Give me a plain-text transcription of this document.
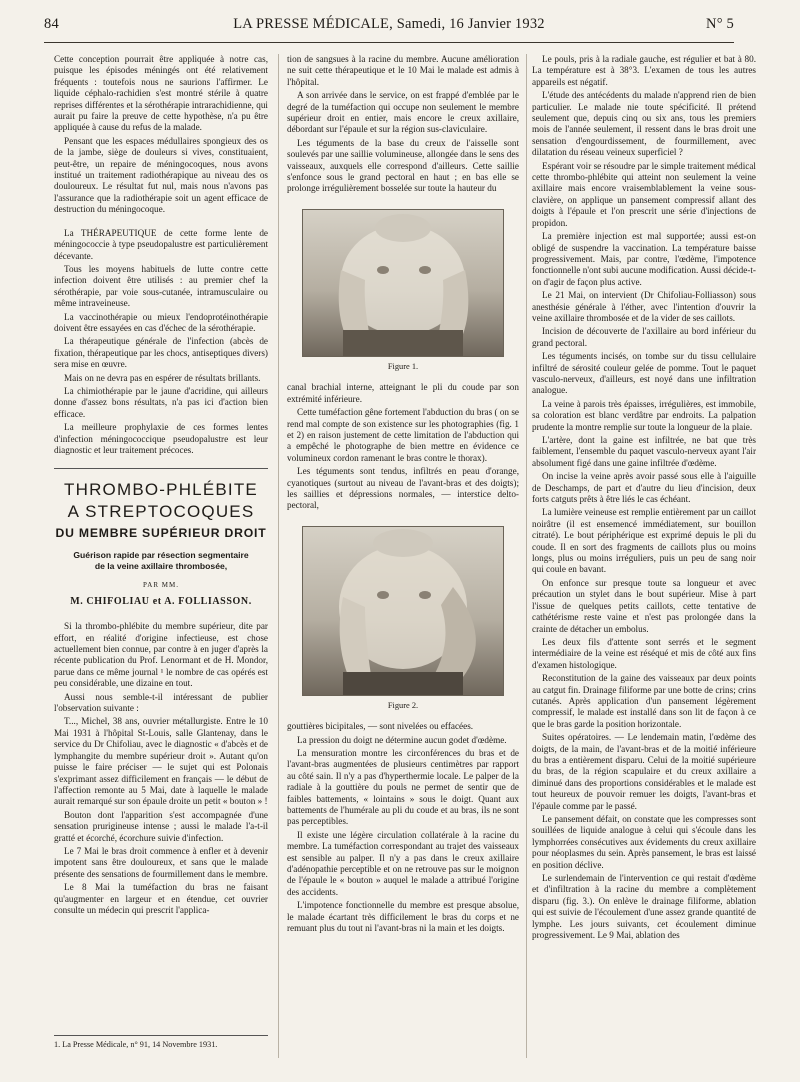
84	LA PRESSE MÉDICALE, Samedi, 16 Janvier 1932	N° 5

Cette conception pourrait être appliquée à notre cas, puisque les épisodes méningés ont été relativement fréquents : toutefois nous ne saurions l'affirmer. Le liquide céphalo-rachidien s'est montré stérile à quatre reprises différentes et la sérothérapie intrarachidienne, qui aurait pu faire la preuve de cette hypothèse, n'a pu être appliquée à cause du refus de la malade.

Pensant que les espaces médullaires spongieux des os de la jambe, siège de douleurs si vives, constituaient, peut-être, un repaire de méningocoques, nous avons institué un traitement radiothérapique au niveau des os douloureux. Le résultat fut nul, mais nous n'avons pas l'assurance que la radiothérapie soit un agent efficace de destruction du méningocoque.

La THÉRAPEUTIQUE de cette forme lente de méningococcie à type pseudopalustre est particulièrement décevante.

Tous les moyens habituels de lutte contre cette infection doivent être utilisés : au premier chef la sérothérapie, par voie sous-cutanée, intramusculaire ou même intraveineuse.

La vaccinothérapie ou mieux l'endoprotéinothérapie doivent être essayées en cas d'échec de la sérothérapie.

La thérapeutique générale de l'infection (abcès de fixation, thérapeutique par les chocs, antiseptiques divers) sera mise en œuvre.

Mais on ne devra pas en espérer de résultats brillants.

La chimiothérapie par le jaune d'acridine, qui ailleurs donne d'assez bons résultats, n'a pas ici d'action bien efficace.

La meilleure prophylaxie de ces formes lentes d'infection méningococcique pseudopalustre est leur diagnostic et leur traitement précoces.

THROMBO-PHLÉBITE
A STREPTOCOQUES
DU MEMBRE SUPÉRIEUR DROIT
Guérison rapide par résection segmentaire
de la veine axillaire thrombosée,
PAR MM.
M. CHIFOLIAU et A. FOLLIASSON.

Si la thrombo-phlébite du membre supérieur, dite par effort, en réalité d'origine infectieuse, est chose actuellement bien connue, par contre à en juger d'après la récente publication du Prof. Lenormant et de H. Mondor, parue dans ce même journal ¹ le nombre de cas opérés est peu considérable, une dizaine en tout.

Aussi nous semble-t-il intéressant de publier l'observation suivante :

T..., Michel, 38 ans, ouvrier métallurgiste. Entre le 10 Mai 1931 à l'hôpital St-Louis, salle Glantenay, dans le service du Dr Chifoliau, avec le diagnostic « d'abcès et de lymphangite du membre supérieur droit ». Autant qu'on puisse le faire préciser — le sujet qui est Polonais s'exprimant assez difficilement en français — le début de l'affection remonte au 5 Mai, date à laquelle le malade aurait remarqué sur son épaule droite un petit « bouton » !

Bouton dont l'apparition s'est accompagnée d'une sensation prurigineuse intense ; aussi le malade l'a-t-il gratté et écorché, écorchure suivie d'infection.

Le 7 Mai le bras droit commence à enfler et à devenir impotent sans être douloureux, et sans que le malade présente des sensations de fourmillement dans le membre.

Le 8 Mai la tuméfaction du bras ne faisant qu'augmenter en largeur et en étendue, cet ouvrier consulte un médecin qui prescrit l'applica-

1. La Presse Médicale, n° 91, 14 Novembre 1931.

tion de sangsues à la racine du membre. Aucune amélioration ne suit cette thérapeutique et le 10 Mai le malade est admis à l'hôpital.

A son arrivée dans le service, on est frappé d'emblée par le degré de la tuméfaction qui occupe non seulement le membre supérieur droit en entier, mais encore le creux axillaire, débordant sur l'épaule et sur la région sus-claviculaire.

Les téguments de la base du creux de l'aisselle sont soulevés par une saillie volumineuse, allongée dans le sens des vaisseaux, auxquels elle correspond d'ailleurs. Cette saillie s'enfonce sous le grand pectoral en haut ; en bas elle se prolonge irrégulièrement bosselée sur toute la hauteur du

Figure 1.

canal brachial interne, atteignant le pli du coude par son extrémité inférieure.

Cette tuméfaction gêne fortement l'abduction du bras ( on se rend mal compte de son existence sur les photographies (fig. 1 et 2) en raison justement de cette limitation de l'abduction qui a empêché le photographe de bien mettre en évidence ce volumineux cordon ramenant le bras contre le thorax).

Les téguments sont tendus, infiltrés en peau d'orange, cyanotiques (surtout au niveau de l'avant-bras et des doigts); les saillies et dépressions normales, — interstice delto-pectoral,

Figure 2.

gouttières bicipitales, — sont nivelées ou effacées.

La pression du doigt ne détermine aucun godet d'œdème.

La mensuration montre les circonférences du bras et de l'avant-bras augmentées de plusieurs centimètres par rapport au côté sain. Il n'y a pas d'hyperthermie locale. Le palper de la radiale à la gouttière du pouls ne permet de sentir que de faibles battements, « lointains » sous le doigt. Quant aux battements de l'humérale au pli du coude et au bras, ils ne sont pas perceptibles.

Il existe une légère circulation collatérale à la racine du membre. La tuméfaction correspondant au trajet des vaisseaux est sensible au palper. Il n'y a pas dans le creux axillaire d'adénopathie perceptible et on ne retrouve pas sur le moignon de l'épaule le « bouton » auquel le malade a attribué l'origine des accidents.

L'impotence fonctionnelle du membre est presque absolue, le malade écartant très difficilement le bras du corps et ne remuant plus du tout ni l'avant-bras ni la main et les doigts.

Le pouls, pris à la radiale gauche, est régulier et bat à 80. La température est à 38°3. L'examen de tous les autres appareils est négatif.

L'étude des antécédents du malade n'apprend rien de bien particulier. Le malade nie toute spécificité. Il prétend seulement que, depuis cinq ou six ans, tous les premiers mois de l'année seulement, il ressent dans le bras droit une sensation d'engourdissement, de fourmillement, avec dilatation du réseau veineux superficiel ?

Espérant voir se résoudre par le simple traitement médical cette thrombo-phlébite qui atteint non seulement la veine axillaire mais encore vraisemblablement la veine sous-clavière, on applique un pansement compressif allant des doigts à l'épaule et l'on prescrit une série d'injections de propidon.

La première injection est mal supportée; aussi est-on obligé de suspendre la vaccination. La température baisse progressivement. Mais, par contre, l'œdème, l'impotence fonctionnelle n'ont subi aucune modification. Aussi décide-t-on d'agir de façon plus active.

Le 21 Mai, on intervient (Dr Chifoliau-Folliasson) sous anesthésie générale à l'éther, avec l'intention d'ouvrir la veine axillaire thrombosée et de la vider de ses caillots.

Incision de découverte de l'axillaire au bord inférieur du grand pectoral.

Les téguments incisés, on tombe sur du tissu cellulaire infiltré de sérosité couleur gelée de pomme. Tout le paquet vasculo-nerveux, d'ailleurs, est noyé dans une infiltration analogue.

La veine à parois très épaisses, irrégulières, est immobile, sa coloration est blanc verdâtre par endroits. La palpation prudente la montre remplie sur toute la longueur de la plaie.

L'artère, dont la gaine est infiltrée, ne bat que très faiblement, l'ensemble du paquet vasculo-nerveux ayant l'air absolument figé dans une gaine infiltrée d'œdème.

On incise la veine après avoir passé sous elle à l'aiguille de Deschamps, de part et d'autre du lieu d'incision, deux forts catguts prêts à être liés le cas échéant.

La lumière veineuse est remplie entièrement par un caillot noirâtre (il est ensemencé immédiatement, sur bouillon citraté). Le bout périphérique est exprimé depuis le pli du coude. Il en sort des fragments de caillots plus ou moins longs, plus ou moins irréguliers, puis un peu de sang noir qui coule en bavant.

On enfonce sur presque toute sa longueur et avec précaution un stylet dans le bout supérieur. Mise à part l'issue de quelques petits caillots, cette tentative de cathétérisme reste vaine et n'est pas prolongée dans la crainte de détacher un embolus.

Les deux fils d'attente sont serrés et le segment intermédiaire de la veine est réséqué et mis de côté aux fins d'examen histologique.

Reconstitution de la gaine des vaisseaux par deux points au catgut fin. Drainage filiforme par une botte de crins; crins cutanés. Après application d'un pansement légèrement compressif, le malade est installé dans son lit de façon à ce que le bras garde la position horizontale.

Suites opératoires. — Le lendemain matin, l'œdème des doigts, de la main, de l'avant-bras et de la moitié inférieure du bras a entièrement disparu. Celui de la moitié supérieure du bras, de la région scapulaire et du creux axillaire a diminué dans des proportions considérables et le malade est tout heureux de pouvoir remuer les doigts, l'avant-bras et l'épaule comme par le passé.

Le pansement défait, on constate que les compresses sont souillées de liquide analogue à celui qui s'écoule dans les lymphorrées consécutives aux évidements du creux axillaire pour néoplasmes du sein. Après pansement, le bras est laissé en position déclive.

Le surlendemain de l'intervention ce qui restait d'œdème et d'infiltration à la racine du membre a complètement disparu (fig. 3.). On enlève le drainage filiforme, ablation qui est suivie de l'écoulement d'une assez grande quantité de lymphe. Les jours suivants, cet écoulement diminue progressivement. Le 9 Mai, ablation des
